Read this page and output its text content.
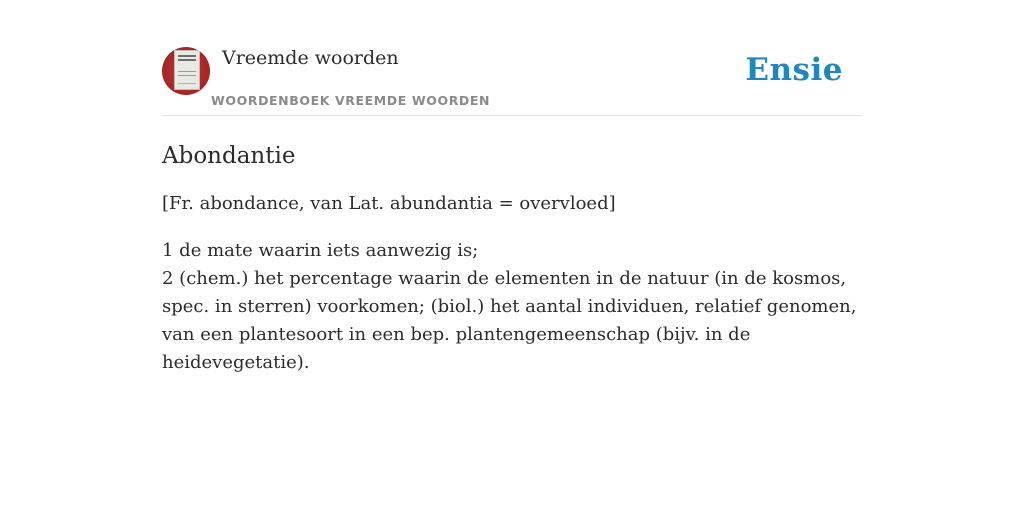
Vreemde woorden
WOORDENBOEK VREEMDE WOORDEN
Ensie
Abondantie

[Fr. abondance, van Lat. abundantia = overvloed]

1 de mate waarin iets aanwezig is;
2 (chem.) het percentage waarin de elementen in de natuur (in de kosmos, spec. in sterren) voorkomen; (biol.) het aantal individuen, relatief genomen, van een plantesoort in een bep. plantengemeenschap (bijv. in de heidevegetatie).
